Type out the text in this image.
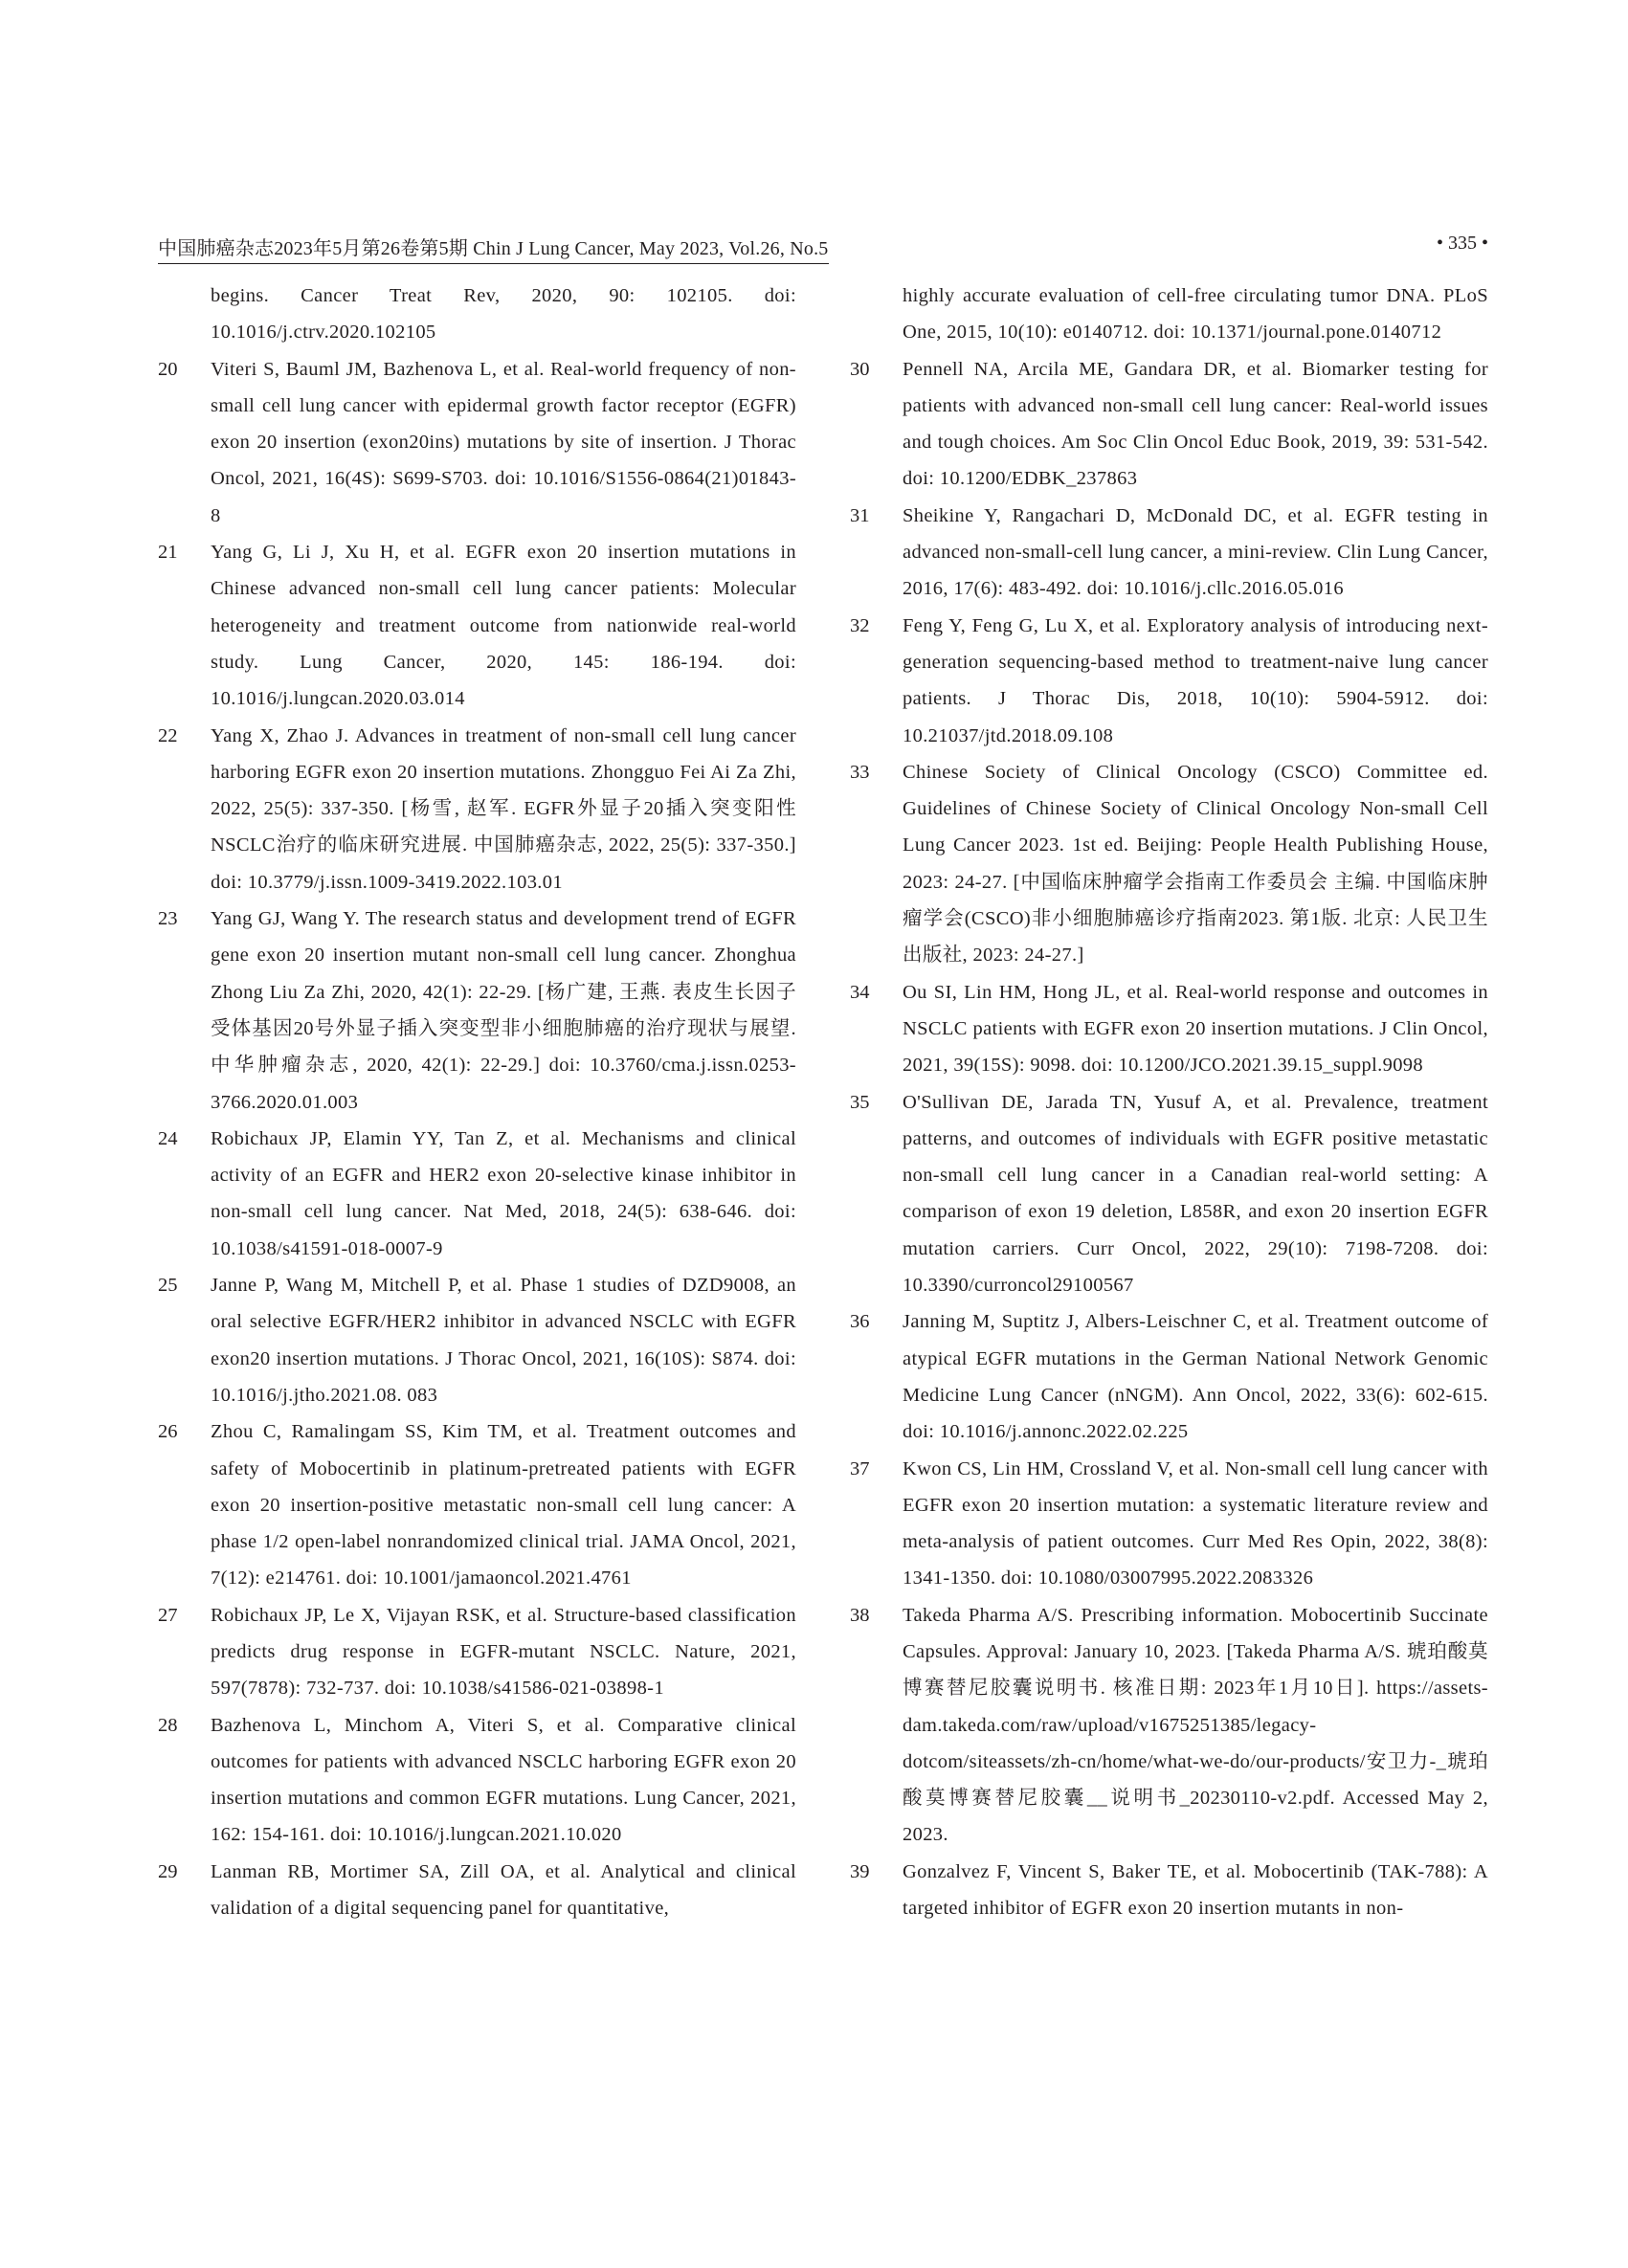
中国肺癌杂志2023年5月第26卷第5期 Chin J Lung Cancer, May 2023, Vol.26, No.5	• 335 •
begins. Cancer Treat Rev, 2020, 90: 102105. doi: 10.1016/j.ctrv.2020.102105
20 Viteri S, Bauml JM, Bazhenova L, et al. Real-world frequency of non-small cell lung cancer with epidermal growth factor receptor (EGFR) exon 20 insertion (exon20ins) mutations by site of insertion. J Thorac Oncol, 2021, 16(4S): S699-S703. doi: 10.1016/S1556-0864(21)01843-8
21 Yang G, Li J, Xu H, et al. EGFR exon 20 insertion mutations in Chinese advanced non-small cell lung cancer patients: Molecular heterogeneity and treatment outcome from nationwide real-world study. Lung Cancer, 2020, 145: 186-194. doi: 10.1016/j.lungcan.2020.03.014
22 Yang X, Zhao J. Advances in treatment of non-small cell lung cancer harboring EGFR exon 20 insertion mutations. Zhongguo Fei Ai Za Zhi, 2022, 25(5): 337-350. [杨雪, 赵军. EGFR外显子20插入突变阳性NSCLC治疗的临床研究进展. 中国肺癌杂志, 2022, 25(5): 337-350.] doi: 10.3779/j.issn.1009-3419.2022.103.01
23 Yang GJ, Wang Y. The research status and development trend of EGFR gene exon 20 insertion mutant non-small cell lung cancer. Zhonghua Zhong Liu Za Zhi, 2020, 42(1): 22-29. [杨广建, 王燕. 表皮生长因子受体基因20号外显子插入突变型非小细胞肺癌的治疗现状与展望. 中华肿瘤杂志, 2020, 42(1): 22-29.] doi: 10.3760/cma.j.issn.0253-3766.2020.01.003
24 Robichaux JP, Elamin YY, Tan Z, et al. Mechanisms and clinical activity of an EGFR and HER2 exon 20-selective kinase inhibitor in non-small cell lung cancer. Nat Med, 2018, 24(5): 638-646. doi: 10.1038/s41591-018-0007-9
25 Janne P, Wang M, Mitchell P, et al. Phase 1 studies of DZD9008, an oral selective EGFR/HER2 inhibitor in advanced NSCLC with EGFR exon20 insertion mutations. J Thorac Oncol, 2021, 16(10S): S874. doi: 10.1016/j.jtho.2021.08. 083
26 Zhou C, Ramalingam SS, Kim TM, et al. Treatment outcomes and safety of Mobocertinib in platinum-pretreated patients with EGFR exon 20 insertion-positive metastatic non-small cell lung cancer: A phase 1/2 open-label nonrandomized clinical trial. JAMA Oncol, 2021, 7(12): e214761. doi: 10.1001/jamaoncol.2021.4761
27 Robichaux JP, Le X, Vijayan RSK, et al. Structure-based classification predicts drug response in EGFR-mutant NSCLC. Nature, 2021, 597(7878): 732-737. doi: 10.1038/s41586-021-03898-1
28 Bazhenova L, Minchom A, Viteri S, et al. Comparative clinical outcomes for patients with advanced NSCLC harboring EGFR exon 20 insertion mutations and common EGFR mutations. Lung Cancer, 2021, 162: 154-161. doi: 10.1016/j.lungcan.2021.10.020
29 Lanman RB, Mortimer SA, Zill OA, et al. Analytical and clinical validation of a digital sequencing panel for quantitative,
highly accurate evaluation of cell-free circulating tumor DNA. PLoS One, 2015, 10(10): e0140712. doi: 10.1371/journal.pone.0140712
30 Pennell NA, Arcila ME, Gandara DR, et al. Biomarker testing for patients with advanced non-small cell lung cancer: Real-world issues and tough choices. Am Soc Clin Oncol Educ Book, 2019, 39: 531-542. doi: 10.1200/EDBK_237863
31 Sheikine Y, Rangachari D, McDonald DC, et al. EGFR testing in advanced non-small-cell lung cancer, a mini-review. Clin Lung Cancer, 2016, 17(6): 483-492. doi: 10.1016/j.cllc.2016.05.016
32 Feng Y, Feng G, Lu X, et al. Exploratory analysis of introducing next-generation sequencing-based method to treatment-naive lung cancer patients. J Thorac Dis, 2018, 10(10): 5904-5912. doi: 10.21037/jtd.2018.09.108
33 Chinese Society of Clinical Oncology (CSCO) Committee ed. Guidelines of Chinese Society of Clinical Oncology Non-small Cell Lung Cancer 2023. 1st ed. Beijing: People Health Publishing House, 2023: 24-27. [中国临床肿瘤学会指南工作委员会 主编. 中国临床肿瘤学会(CSCO)非小细胞肺癌诊疗指南2023. 第1版. 北京: 人民卫生出版社, 2023: 24-27.]
34 Ou SI, Lin HM, Hong JL, et al. Real-world response and outcomes in NSCLC patients with EGFR exon 20 insertion mutations. J Clin Oncol, 2021, 39(15S): 9098. doi: 10.1200/JCO.2021.39.15_suppl.9098
35 O'Sullivan DE, Jarada TN, Yusuf A, et al. Prevalence, treatment patterns, and outcomes of individuals with EGFR positive metastatic non-small cell lung cancer in a Canadian real-world setting: A comparison of exon 19 deletion, L858R, and exon 20 insertion EGFR mutation carriers. Curr Oncol, 2022, 29(10): 7198-7208. doi: 10.3390/curroncol29100567
36 Janning M, Suptitz J, Albers-Leischner C, et al. Treatment outcome of atypical EGFR mutations in the German National Network Genomic Medicine Lung Cancer (nNGM). Ann Oncol, 2022, 33(6): 602-615. doi: 10.1016/j.annonc.2022.02.225
37 Kwon CS, Lin HM, Crossland V, et al. Non-small cell lung cancer with EGFR exon 20 insertion mutation: a systematic literature review and meta-analysis of patient outcomes. Curr Med Res Opin, 2022, 38(8): 1341-1350. doi: 10.1080/03007995.2022.2083326
38 Takeda Pharma A/S. Prescribing information. Mobocertinib Succinate Capsules. Approval: January 10, 2023. [Takeda Pharma A/S. 琥珀酸莫博赛替尼胶囊说明书. 核准日期: 2023年1月10日]. https://assets-dam.takeda.com/raw/upload/v1675251385/legacy-dotcom/siteassets/zh-cn/home/what-we-do/our-products/安卫力-_琥珀酸莫博赛替尼胶囊__说明书_20230110-v2.pdf. Accessed May 2, 2023.
39 Gonzalvez F, Vincent S, Baker TE, et al. Mobocertinib (TAK-788): A targeted inhibitor of EGFR exon 20 insertion mutants in non-
